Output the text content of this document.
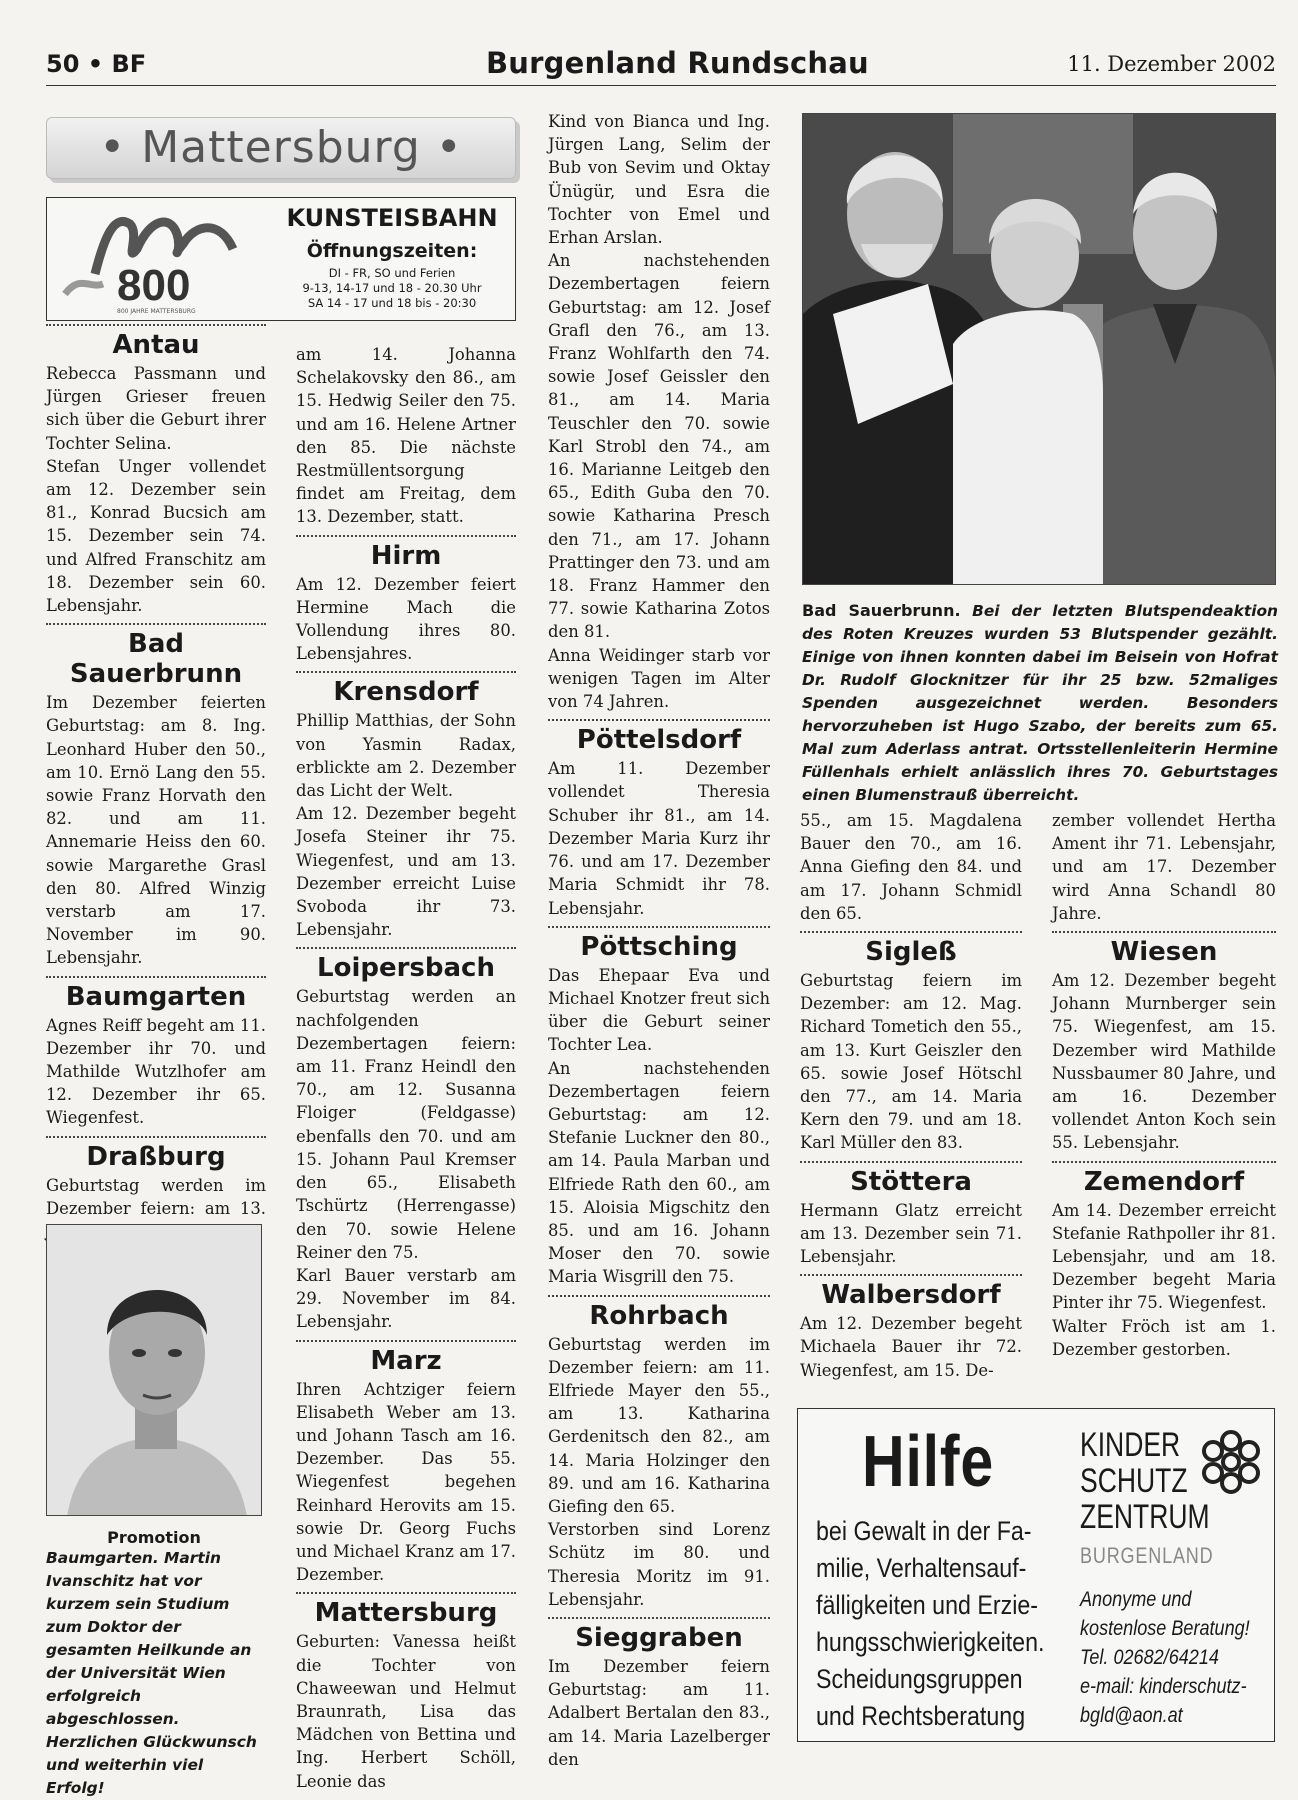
50 • BF	Burgenland Rundschau	11. Dezember 2002
• Mattersburg •
800
800 JAHRE MATTERSBURG
KUNSTEISBAHN
Öffnungszeiten:
DI - FR, SO und Ferien
9-13, 14-17 und 18 - 20.30 Uhr
SA 14 - 17 und 18 bis - 20:30
Antau

Rebecca Passmann und Jürgen Grieser freuen sich über die Geburt ihrer Tochter Selina.

Stefan Unger vollendet am 12. Dezember sein 81., Konrad Bucsich am 15. Dezember sein 74. und Alfred Franschitz am 18. Dezember sein 60. Lebensjahr.

Bad Sauerbrunn

Im Dezember feierten Geburtstag: am 8. Ing. Leonhard Huber den 50., am 10. Ernö Lang den 55. sowie Franz Horvath den 82. und am 11. Annemarie Heiss den 60. sowie Margarethe Grasl den 80. Alfred Winzig verstarb am 17. November im 90. Lebensjahr.

Baumgarten

Agnes Reiff begeht am 11. Dezember ihr 70. und Mathilde Wutzlhofer am 12. Dezember ihr 65. Wiegenfest.

Draßburg

Geburtstag werden im Dezember feiern: am 13.

Promotion
Baumgarten. Martin Ivanschitz hat vor kurzem sein Studium zum Doktor der gesamten Heilkunde an der Universität Wien erfolgreich abgeschlossen. Herzlichen Glückwunsch und weiterhin viel Erfolg!

am 14. Johanna Schelakovsky den 86., am 15. Hedwig Seiler den 75. und am 16. Helene Artner den 85. Die nächste Restmüllentsorgung findet am Freitag, dem 13. Dezember, statt.

Hirm

Am 12. Dezember feiert Hermine Mach die Vollendung ihres 80. Lebensjahres.

Krensdorf

Phillip Matthias, der Sohn von Yasmin Radax, erblickte am 2. Dezember das Licht der Welt.

Am 12. Dezember begeht Josefa Steiner ihr 75. Wiegenfest, und am 13. Dezember erreicht Luise Svoboda ihr 73. Lebensjahr.

Loipersbach

Geburtstag werden an nachfolgenden Dezembertagen feiern: am 11. Franz Heindl den 70., am 12. Susanna Floiger (Feldgasse) ebenfalls den 70. und am 15. Johann Paul Kremser den 65., Elisabeth Tschürtz (Herrengasse) den 70. sowie Helene Reiner den 75.

Karl Bauer verstarb am 29. November im 84. Lebensjahr.

Marz

Ihren Achtziger feiern Elisabeth Weber am 13. und Johann Tasch am 16. Dezember. Das 55. Wiegenfest begehen Reinhard Herovits am 15. sowie Dr. Georg Fuchs und Michael Kranz am 17. Dezember.

Mattersburg

Geburten: Vanessa heißt die Tochter von Chaweewan und Helmut Braunrath, Lisa das Mädchen von Bettina und Ing. Herbert Schöll, Leonie das

Kind von Bianca und Ing. Jürgen Lang, Selim der Bub von Sevim und Oktay Ünügür, und Esra die Tochter von Emel und Erhan Arslan.

An nachstehenden Dezembertagen feiern Geburtstag: am 12. Josef Grafl den 76., am 13. Franz Wohlfarth den 74. sowie Josef Geissler den 81., am 14. Maria Teuschler den 70. sowie Karl Strobl den 74., am 16. Marianne Leitgeb den 65., Edith Guba den 70. sowie Katharina Presch den 71., am 17. Johann Prattinger den 73. und am 18. Franz Hammer den 77. sowie Katharina Zotos den 81.

Anna Weidinger starb vor wenigen Tagen im Alter von 74 Jahren.

Pöttelsdorf

Am 11. Dezember vollendet Theresia Schuber ihr 81., am 14. Dezember Maria Kurz ihr 76. und am 17. Dezember Maria Schmidt ihr 78. Lebensjahr.

Pöttsching

Das Ehepaar Eva und Michael Knotzer freut sich über die Geburt seiner Tochter Lea.

An nachstehenden Dezembertagen feiern Geburtstag: am 12. Stefanie Luckner den 80., am 14. Paula Marban und Elfriede Rath den 60., am 15. Aloisia Migschitz den 85. und am 16. Johann Moser den 70. sowie Maria Wisgrill den 75.

Rohrbach

Geburtstag werden im Dezember feiern: am 11. Elfriede Mayer den 55., am 13. Katharina Gerdenitsch den 82., am 14. Maria Holzinger den 89. und am 16. Katharina Giefing den 65.

Verstorben sind Lorenz Schütz im 80. und Theresia Moritz im 91. Lebensjahr.

Sieggraben

Im Dezember feiern Geburtstag: am 11. Adalbert Bertalan den 83., am 14. Maria Lazelberger den

Bad Sauerbrunn. Bei der letzten Blutspendeaktion des Roten Kreuzes wurden 53 Blutspender gezählt. Einige von ihnen konnten dabei im Beisein von Hofrat Dr. Rudolf Glocknitzer für ihr 25 bzw. 52maliges Spenden ausgezeichnet werden. Besonders hervorzuheben ist Hugo Szabo, der bereits zum 65. Mal zum Aderlass antrat. Ortsstellenleiterin Hermine Füllenhals erhielt anlässlich ihres 70. Geburtstages einen Blumenstrauß überreicht.

55., am 15. Magdalena Bauer den 70., am 16. Anna Giefing den 84. und am 17. Johann Schmidl den 65.

Sigleß

Geburtstag feiern im Dezember: am 12. Mag. Richard Tometich den 55., am 13. Kurt Geiszler den 65. sowie Josef Hötschl den 77., am 14. Maria Kern den 79. und am 18. Karl Müller den 83.

Stöttera

Hermann Glatz erreicht am 13. Dezember sein 71. Lebensjahr.

Walbersdorf

Am 12. Dezember begeht Michaela Bauer ihr 72. Wiegenfest, am 15. De-

zember vollendet Hertha Ament ihr 71. Lebensjahr, und am 17. Dezember wird Anna Schandl 80 Jahre.

Wiesen

Am 12. Dezember begeht Johann Murnberger sein 75. Wiegenfest, am 15. Dezember wird Mathilde Nussbaumer 80 Jahre, und am 16. Dezember vollendet Anton Koch sein 55. Lebensjahr.

Zemendorf

Am 14. Dezember erreicht Stefanie Rathpoller ihr 81. Lebensjahr, und am 18. Dezember begeht Maria Pinter ihr 75. Wiegenfest.

Walter Fröch ist am 1. Dezember gestorben.

Hilfe
bei Gewalt in der Fa-
milie, Verhaltensauf-
fälligkeiten und Erzie-
hungsschwierigkeiten.
Scheidungsgruppen
und Rechtsberatung
KINDER
SCHUTZ
ZENTRUM
BURGENLAND
Anonyme und
kostenlose Beratung!
Tel. 02682/64214
e-mail: kinderschutz-
bgld@aon.at
